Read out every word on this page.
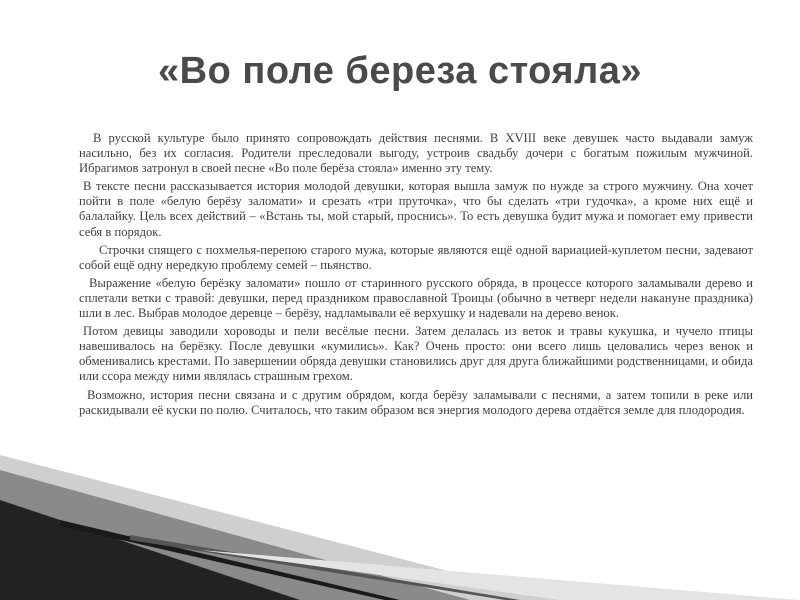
«Во поле береза стояла»

В русской культуре было принято сопровождать действия песнями. В XVIII веке девушек часто выдавали замуж насильно, без их согласия. Родители преследовали выгоду, устроив свадьбу дочери с богатым пожилым мужчиной. Ибрагимов затронул в своей песне «Во поле берёза стояла» именно эту тему.

В тексте песни рассказывается история молодой девушки, которая вышла замуж по нужде за строго мужчину. Она хочет пойти в поле «белую берёзу заломати» и срезать «три пруточка», что бы сделать «три гудочка», а кроме них ещё и балалайку. Цель всех действий – «Встань ты, мой старый, проснись». То есть девушка будит мужа и помогает ему привести себя в порядок.

Строчки спящего с похмелья-перепою старого мужа, которые являются ещё одной вариацией-куплетом песни, задевают собой ещё одну нередкую проблему семей – пьянство.

Выражение «белую берёзку заломати» пошло от старинного русского обряда, в процессе которого заламывали дерево и сплетали ветки с травой: девушки, перед праздником православной Троицы (обычно в четверг недели накануне праздника) шли в лес. Выбрав молодое деревце – берёзу, надламывали её верхушку и надевали на дерево венок.

Потом девицы заводили хороводы и пели весёлые песни. Затем делалась из веток и травы кукушка, и чучело птицы навешивалось на берёзку. После девушки «кумились». Как? Очень просто: они всего лишь целовались через венок и обменивались крестами. По завершении обряда девушки становились друг для друга ближайшими родственницами, и обида или ссора между ними являлась страшным грехом.

Возможно, история песни связана и с другим обрядом, когда берёзу заламывали с песнями, а затем топили в реке или раскидывали её куски по полю. Считалось, что таким образом вся энергия молодого дерева отдаётся земле для плодородия.
